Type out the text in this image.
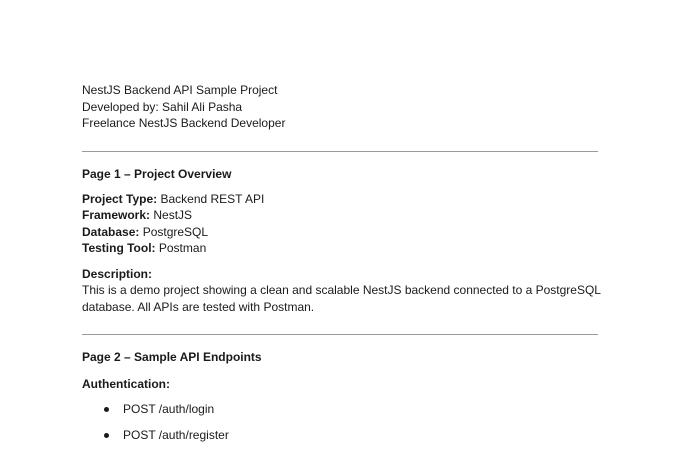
NestJS Backend API Sample Project
Developed by: Sahil Ali Pasha
Freelance NestJS Backend Developer
Page 1 – Project Overview
Project Type: Backend REST API
Framework: NestJS
Database: PostgreSQL
Testing Tool: Postman
Description:
This is a demo project showing a clean and scalable NestJS backend connected to a PostgreSQL
database. All APIs are tested with Postman.
Page 2 – Sample API Endpoints
Authentication:
POST /auth/login
POST /auth/register
